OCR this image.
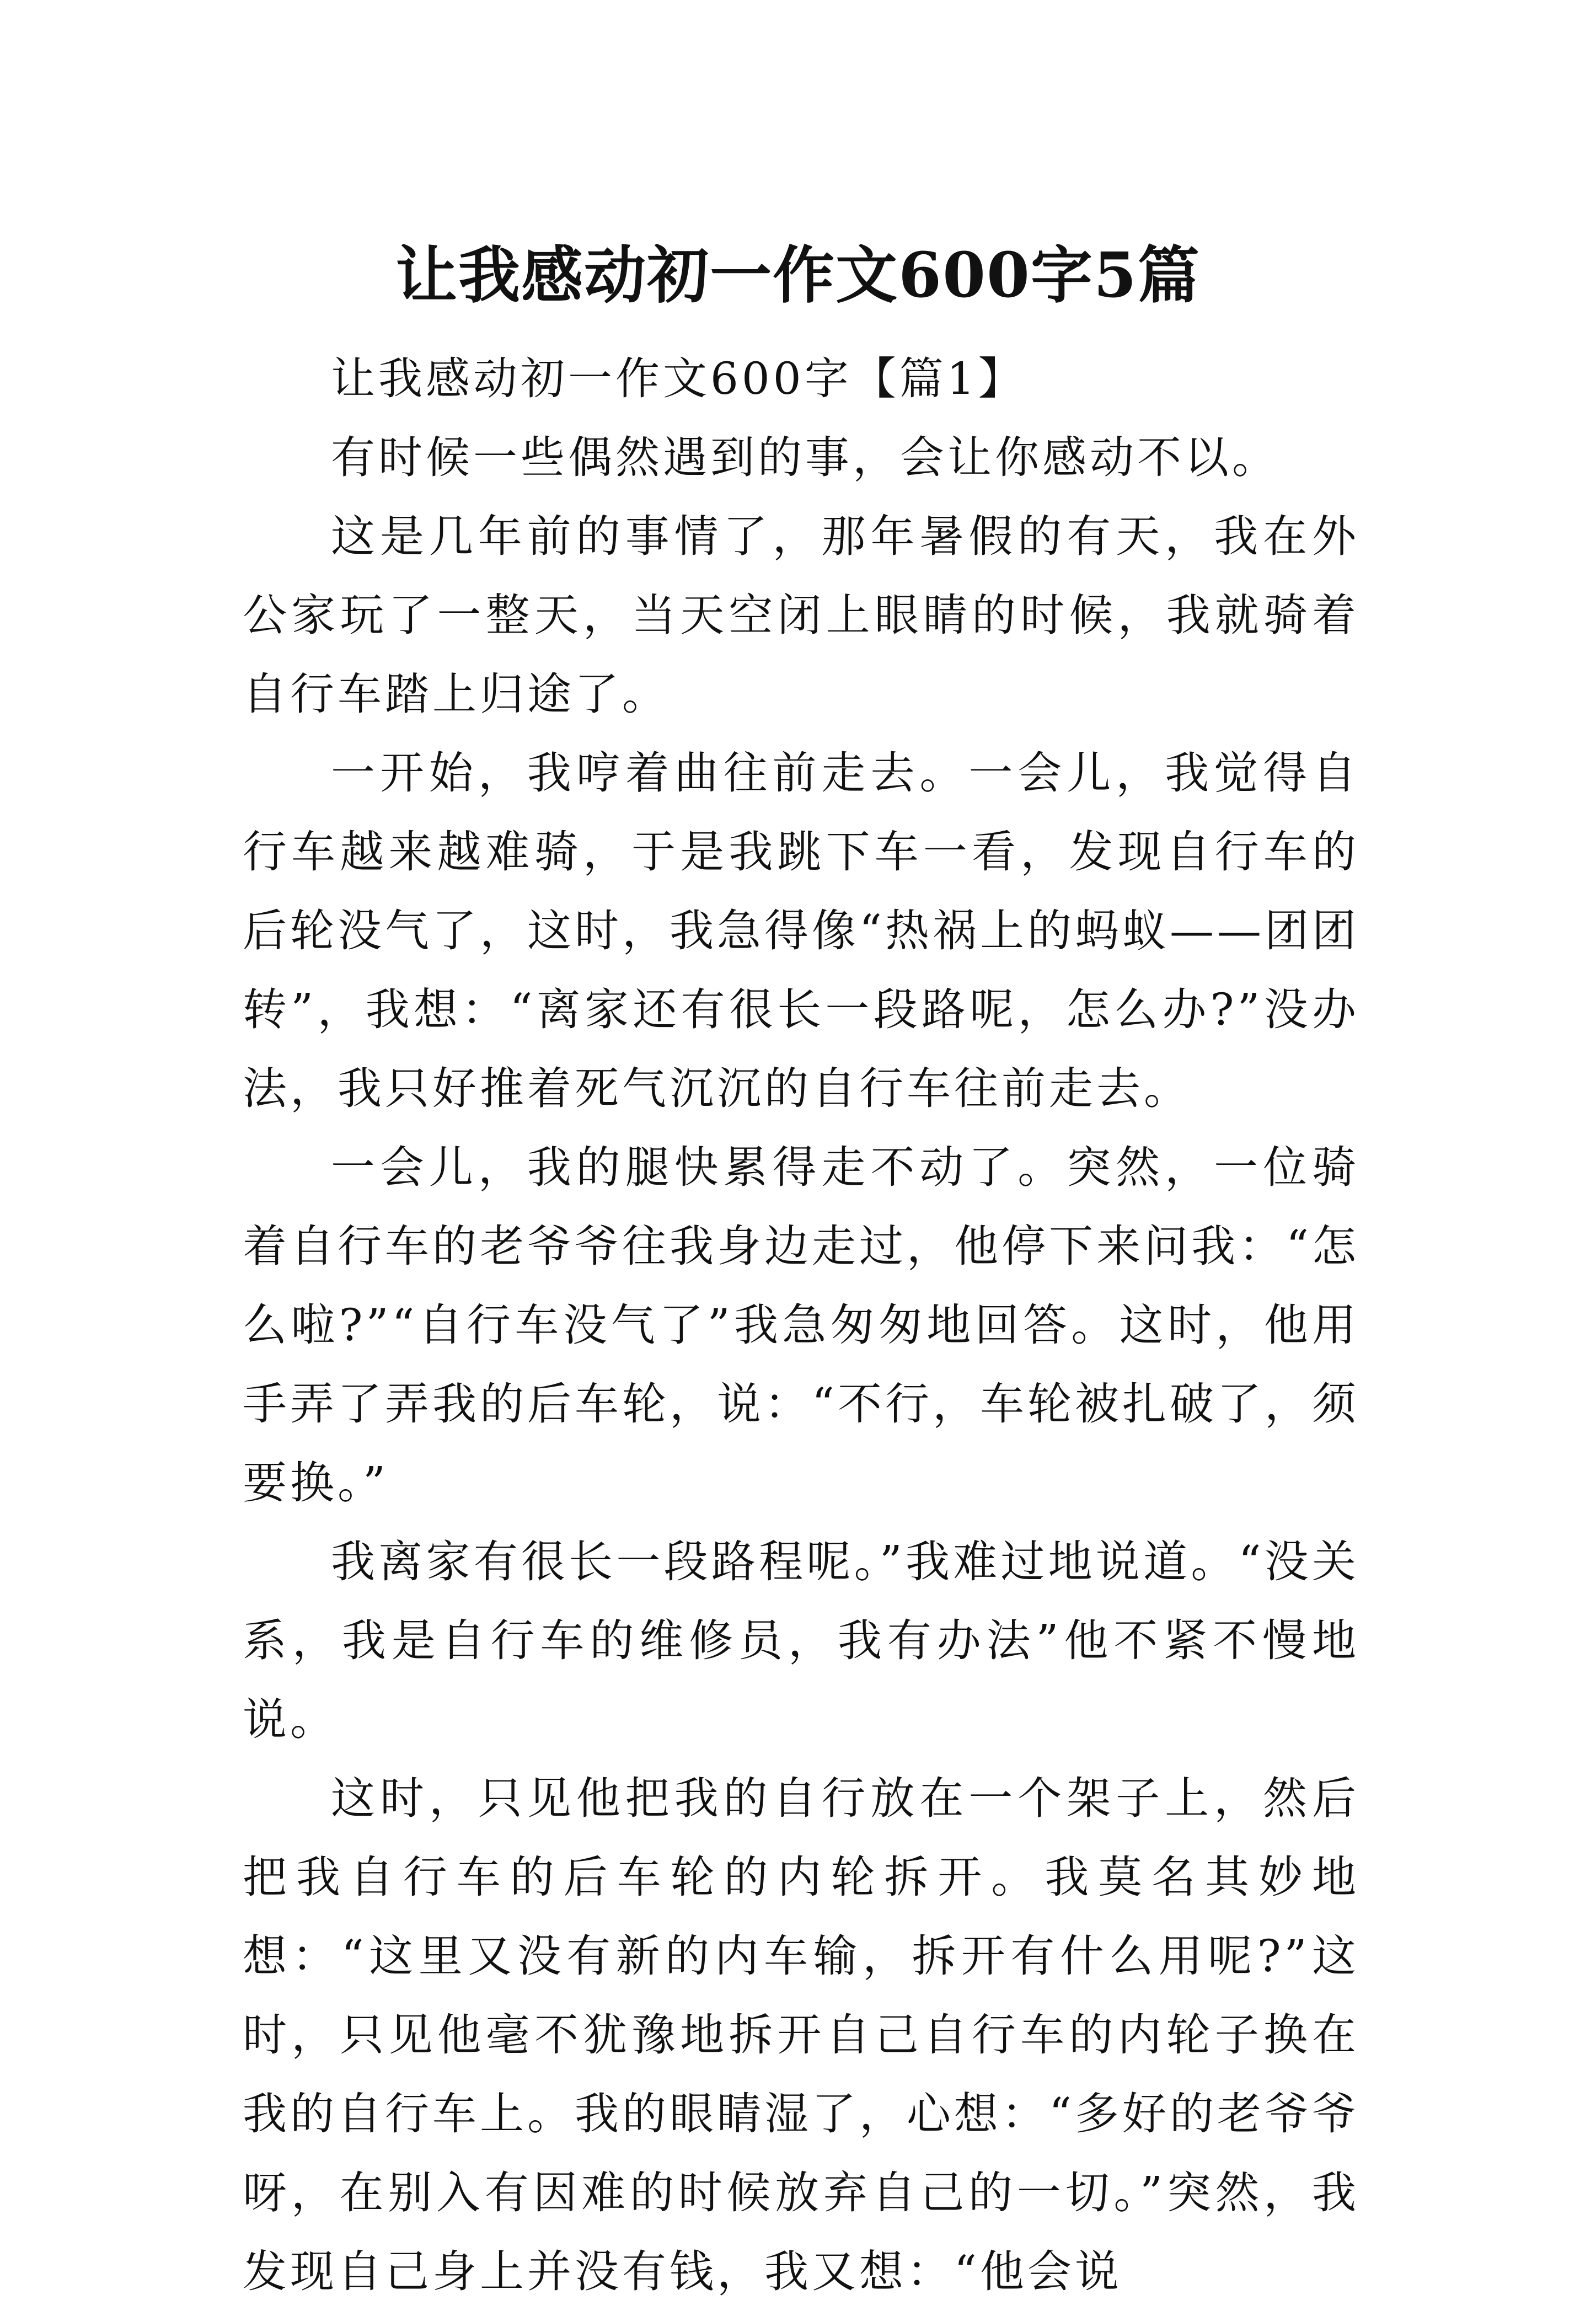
让我感动初一作文600字5篇

让我感动初一作文600字【篇1】

有时候一些偶然遇到的事，会让你感动不以。

这是几年前的事情了，那年暑假的有天，我在外公家玩了一整天，当天空闭上眼睛的时候，我就骑着自行车踏上归途了。

一开始，我哼着曲往前走去。一会儿，我觉得自行车越来越难骑，于是我跳下车一看，发现自行车的后轮没气了，这时，我急得像“热祸上的蚂蚁——团团转”，我想：“离家还有很长一段路呢，怎么办?”没办法，我只好推着死气沉沉的自行车往前走去。

一会儿，我的腿快累得走不动了。突然，一位骑着自行车的老爷爷往我身边走过，他停下来问我：“怎么啦?”“自行车没气了”我急匆匆地回答。这时，他用手弄了弄我的后车轮，说：“不行，车轮被扎破了，须要换。”

我离家有很长一段路程呢。”我难过地说道。“没关系，我是自行车的维修员，我有办法”他不紧不慢地说。

这时，只见他把我的自行放在一个架子上，然后把我自行车的后车轮的内轮拆开。我莫名其妙地想：“这里又没有新的内车输，拆开有什么用呢?”这时，只见他毫不犹豫地拆开自己自行车的内轮子换在我的自行车上。我的眼睛湿了，心想：“多好的老爷爷呀，在别入有因难的时候放弃自己的一切。”突然，我发现自己身上并没有钱，我又想：“他会说
